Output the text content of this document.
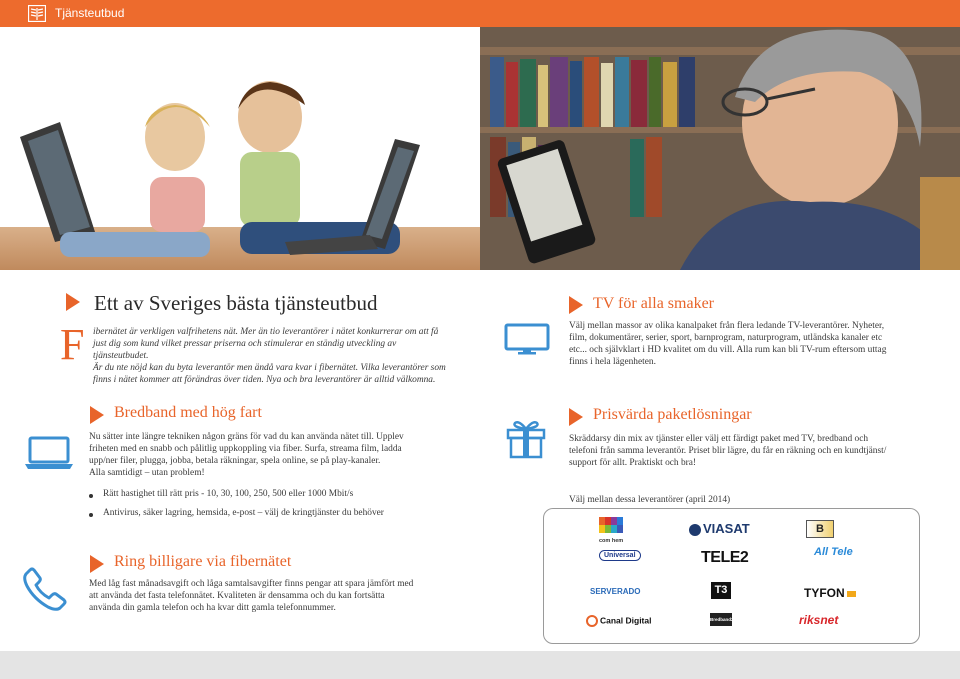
Tjänsteutbud
Ett av Sveriges bästa tjänsteutbud
F ibernätet är verkligen valfrihetens nät. Mer än tio leverantörer i nätet konkurrerar om att få
just dig som kund vilket pressar priserna och stimulerar en ständig utveckling av tjänsteutbudet.
Är du nte nöjd kan du byta leverantör men ändå vara kvar i fibernätet. Vilka leverantörer som
finns i nätet kommer att förändras över tiden. Nya och bra leverantörer är alltid välkomna.
TV för alla smaker
Välj mellan massor av olika kanalpaket från flera ledande TV-leverantörer. Nyheter,
film, dokumentärer, serier, sport, barnprogram, naturprogram, utländska kanaler etc
etc... och självklart i HD kvalitet om du vill. Alla rum kan bli TV-rum eftersom uttag
finns i hela lägenheten.
Bredband med hög fart
Nu sätter inte längre tekniken någon gräns för vad du kan använda nätet till. Upplev
friheten med en snabb och pålitlig uppkoppling via fiber. Surfa, streama film, ladda
upp/ner filer, plugga, jobba, betala räkningar, spela online, se på play-kanaler.
Alla samtidigt – utan problem!
Rätt hastighet till rätt pris - 10, 30, 100, 250, 500 eller 1000 Mbit/s
Antivirus, säker lagring, hemsida, e-post – välj de kringtjänster du behöver
Prisvärda paketlösningar
Skräddarsy din mix av tjänster eller välj ett färdigt paket med TV, bredband och
telefoni från samma leverantör. Priset blir lägre, du får en räkning och en kundtjänst/
support för allt. Praktiskt och bra!
Välj mellan dessa leverantörer (april 2014)
com hem
VIASAT	B
Universal	TELE2	All Tele
SERVERADO	T3	TYFON
Canal Digital	Bredband2	riksnet
Ring billigare via fibernätet
Med låg fast månadsavgift och låga samtalsavgifter finns pengar att spara jämfört med
att använda det fasta telefonnätet. Kvaliteten är densamma och du kan fortsätta
använda din gamla telefon och ha kvar ditt gamla telefonnummer.
